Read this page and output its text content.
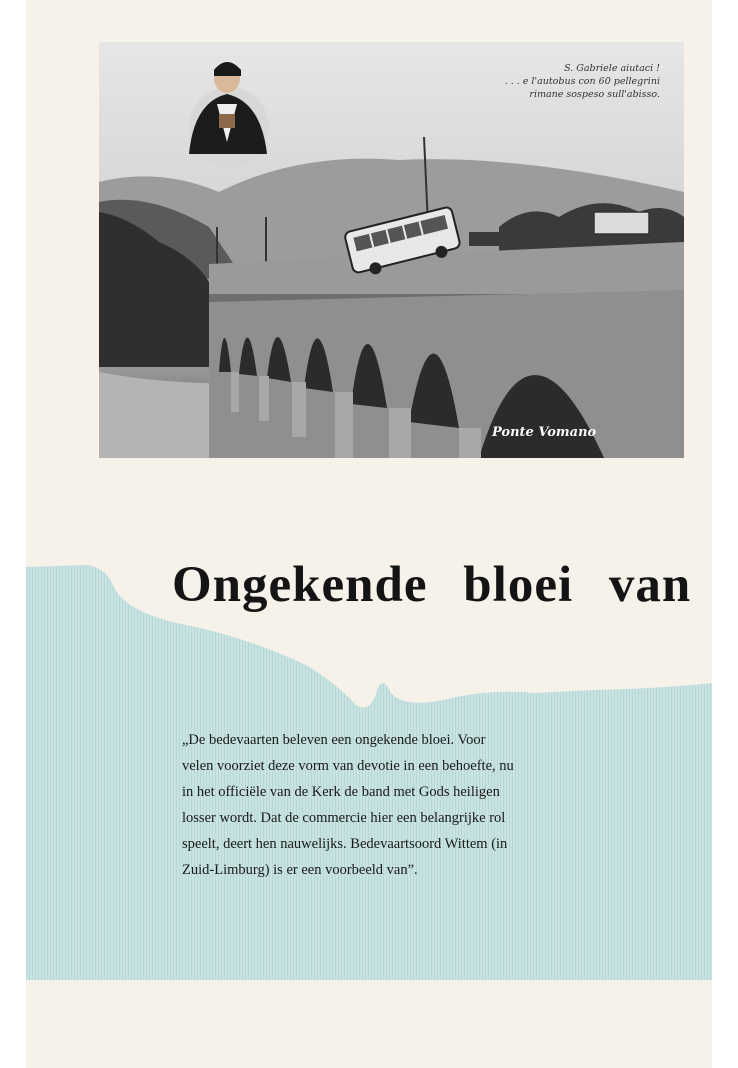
S. Gabriele aiutaci !
. . . e l'autobus con 60 pellegrini
rimane sospeso sull'abisso.
Ponte Vomano
Ongekende bloei van
„De bedevaarten beleven een ongekende bloei. Voor
velen voorziet deze vorm van devotie in een behoefte, nu
in het officiële van de Kerk de band met Gods heiligen
losser wordt. Dat de commercie hier een belangrijke rol
speelt, deert hen nauwelijks. Bedevaartsoord Wittem (in
Zuid-Limburg) is er een voorbeeld van”.
